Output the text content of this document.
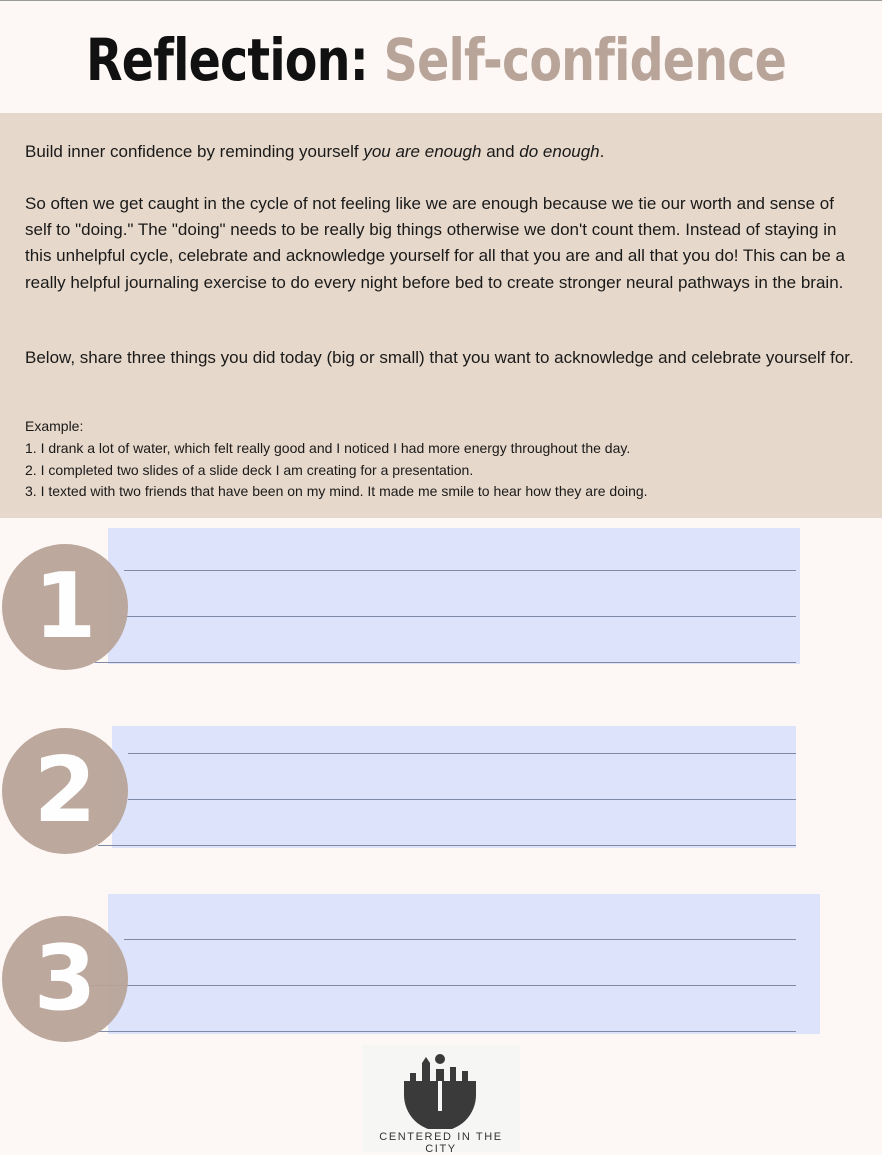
Reflection: Self-confidence

Build inner confidence by reminding yourself you are enough and do enough.

So often we get caught in the cycle of not feeling like we are enough because we tie our worth and sense of self to "doing." The "doing" needs to be really big things otherwise we don't count them. Instead of staying in this unhelpful cycle, celebrate and acknowledge yourself for all that you are and all that you do! This can be a really helpful journaling exercise to do every night before bed to create stronger neural pathways in the brain.

Below, share three things you did today (big or small) that you want to acknowledge and celebrate yourself for.

Example:

1. I drank a lot of water, which felt really good and I noticed I had more energy throughout the day.

2. I completed two slides of a slide deck I am creating for a presentation.

3. I texted with two friends that have been on my mind. It made me smile to hear how they are doing.

1
2
3
CENTERED IN THE CITY
